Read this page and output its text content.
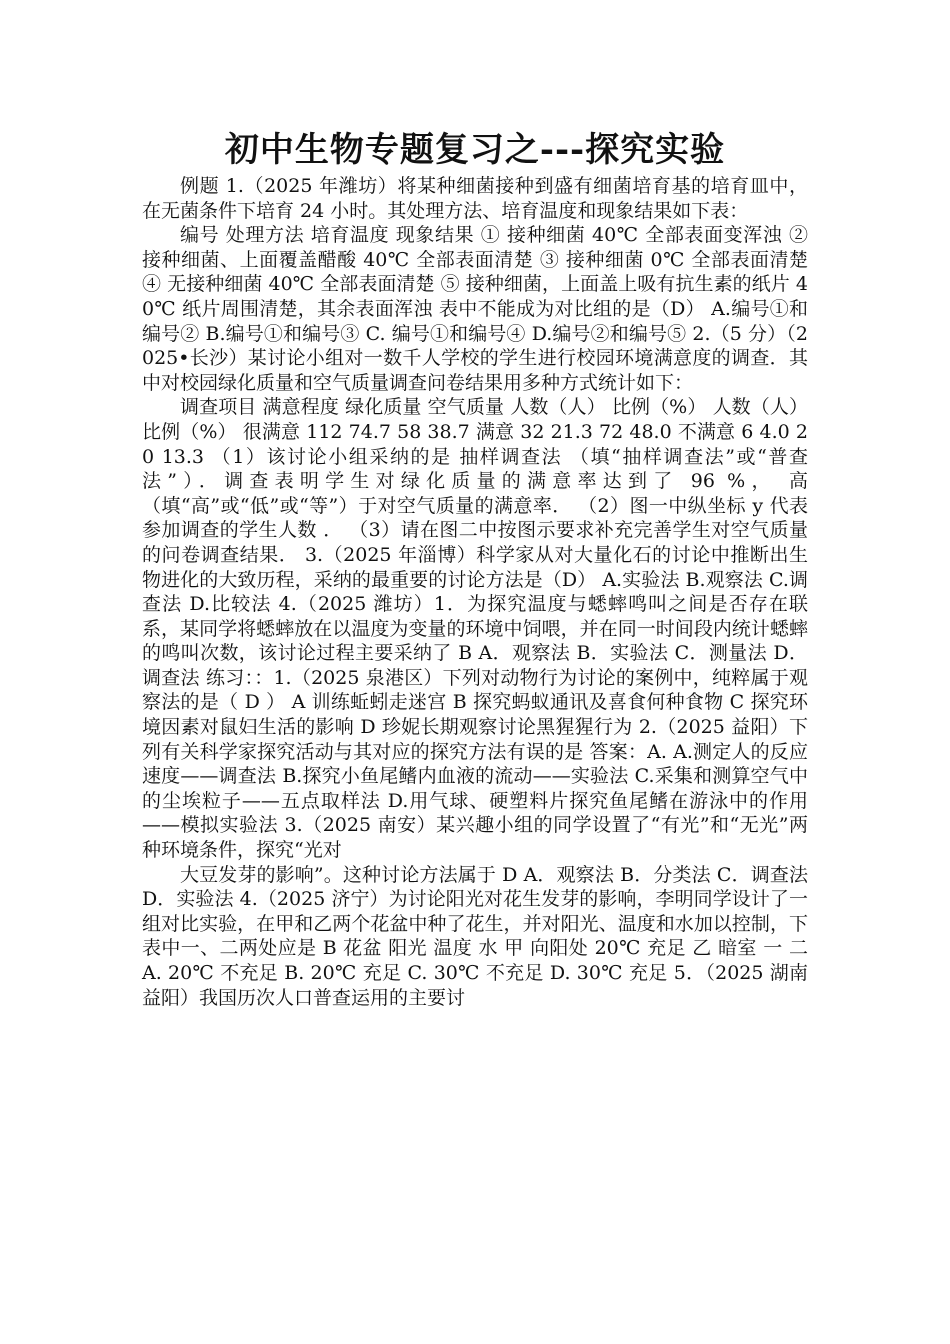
初中生物专题复习之---探究实验

例题 1.（2025 年潍坊）将某种细菌接种到盛有细菌培育基的培育皿中，在无菌条件下培育 24 小时。其处理方法、培育温度和现象结果如下表：

编号 处理方法 培育温度 现象结果 ① 接种细菌 40℃ 全部表面变浑浊 ② 接种细菌、上面覆盖醋酸 40℃ 全部表面清楚 ③ 接种细菌 0℃ 全部表面清楚 ④ 无接种细菌 40℃ 全部表面清楚 ⑤ 接种细菌，上面盖上吸有抗生素的纸片 40℃ 纸片周围清楚，其余表面浑浊 表中不能成为对比组的是（D） A.编号①和编号② B.编号①和编号③ C. 编号①和编号④ D.编号②和编号⑤ 2.（5 分）（2025•长沙）某讨论小组对一数千人学校的学生进行校园环境满意度的调查．其中对校园绿化质量和空气质量调查问卷结果用多种方式统计如下：

调查项目 满意程度 绿化质量 空气质量 人数（人） 比例（%） 人数（人） 比例（%） 很满意 112 74.7 58 38.7 满意 32 21.3 72 48.0 不满意 6 4.0 20 13.3 （1）该讨论小组采纳的是 抽样调查法 （填“抽样调查法”或“普查法”）．调查表明学生对绿化质量的满意率达到了 96 %， 高 （填“高”或“低”或“等”）于对空气质量的满意率． （2）图一中纵坐标 y 代表 参加调查的学生人数 ． （3）请在图二中按图示要求补充完善学生对空气质量的问卷调查结果． 3.（2025 年淄博）科学家从对大量化石的讨论中推断出生物进化的大致历程，采纳的最重要的讨论方法是（D） A.实验法 B.观察法 C.调查法 D.比较法 4.（2025 潍坊）1．为探究温度与蟋蟀鸣叫之间是否存在联系，某同学将蟋蟀放在以温度为变量的环境中饲喂，并在同一时间段内统计蟋蟀的鸣叫次数，该讨论过程主要采纳了 B A．观察法 B．实验法 C．测量法 D．调查法 练习：：1.（2025 泉港区）下列对动物行为讨论的案例中，纯粹属于观察法的是（ D ） A 训练蚯蚓走迷宫 B 探究蚂蚁通讯及喜食何种食物 C 探究环境因素对鼠妇生活的影响 D 珍妮长期观察讨论黑猩猩行为 2.（2025 益阳）下列有关科学家探究活动与其对应的探究方法有误的是 答案：A. A.测定人的反应速度——调查法 B.探究小鱼尾鳍内血液的流动——实验法 C.采集和测算空气中的尘埃粒子——五点取样法 D.用气球、硬塑料片探究鱼尾鳍在游泳中的作用——模拟实验法 3.（2025 南安）某兴趣小组的同学设置了“有光”和“无光”两种环境条件，探究“光对

大豆发芽的影响”。这种讨论方法属于 D A．观察法 B．分类法 C．调查法 D．实验法 4.（2025 济宁）为讨论阳光对花生发芽的影响，李明同学设计了一组对比实验，在甲和乙两个花盆中种了花生，并对阳光、温度和水加以控制，下表中一、二两处应是 B 花盆 阳光 温度 水 甲 向阳处 20℃ 充足 乙 暗室 一 二 A. 20℃ 不充足 B. 20℃ 充足 C. 30℃ 不充足 D. 30℃ 充足 5．（2025 湖南益阳）我国历次人口普查运用的主要讨
